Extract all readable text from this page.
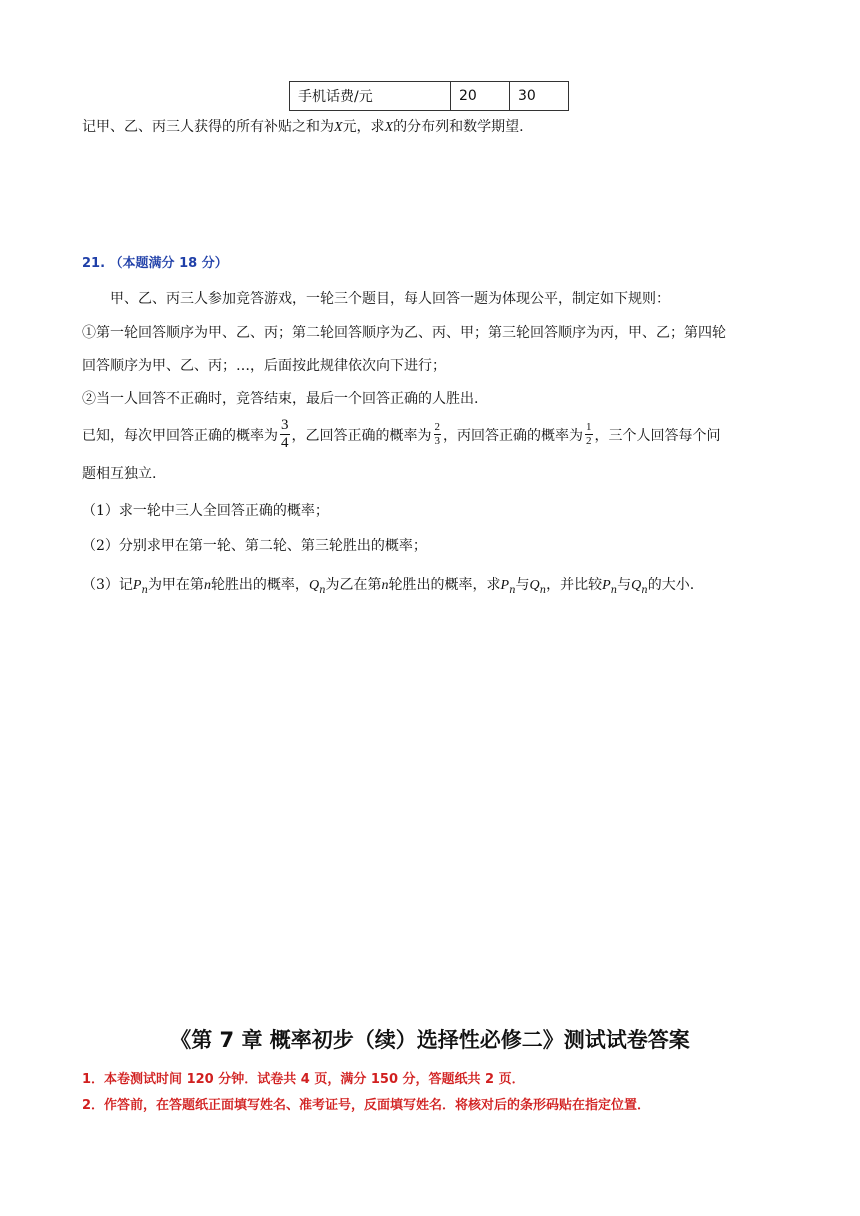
手机话费/元	20	30
记甲、乙、丙三人获得的所有补贴之和为X元，求X的分布列和数学期望.
21. （本题满分 18 分）
甲、乙、丙三人参加竞答游戏，一轮三个题目，每人回答一题为体现公平，制定如下规则：
①第一轮回答顺序为甲、乙、丙；第二轮回答顺序为乙、丙、甲；第三轮回答顺序为丙，甲、乙；第四轮
回答顺序为甲、乙、丙；…，后面按此规律依次向下进行；
②当一人回答不正确时，竞答结束，最后一个回答正确的人胜出.
已知，每次甲回答正确的概率为 $\frac{3}{4}$ ，乙回答正确的概率为 $\frac{2}{3}$ ，丙回答正确的概率为 $\frac{1}{2}$ ，三个人回答每个问
题相互独立.
（1）求一轮中三人全回答正确的概率；
（2）分别求甲在第一轮、第二轮、第三轮胜出的概率；
（3）记$P_n$为甲在第n轮胜出的概率，$Q_n$为乙在第n轮胜出的概率，求$P_n$与$Q_n$，并比较$P_n$与$Q_n$的大小.
《第 7 章 概率初步（续）选择性必修二》测试试卷答案
1．本卷测试时间 120 分钟．试卷共 4 页，满分 150 分，答题纸共 2 页．
2．作答前，在答题纸正面填写姓名、准考证号，反面填写姓名．将核对后的条形码贴在指定位置．
